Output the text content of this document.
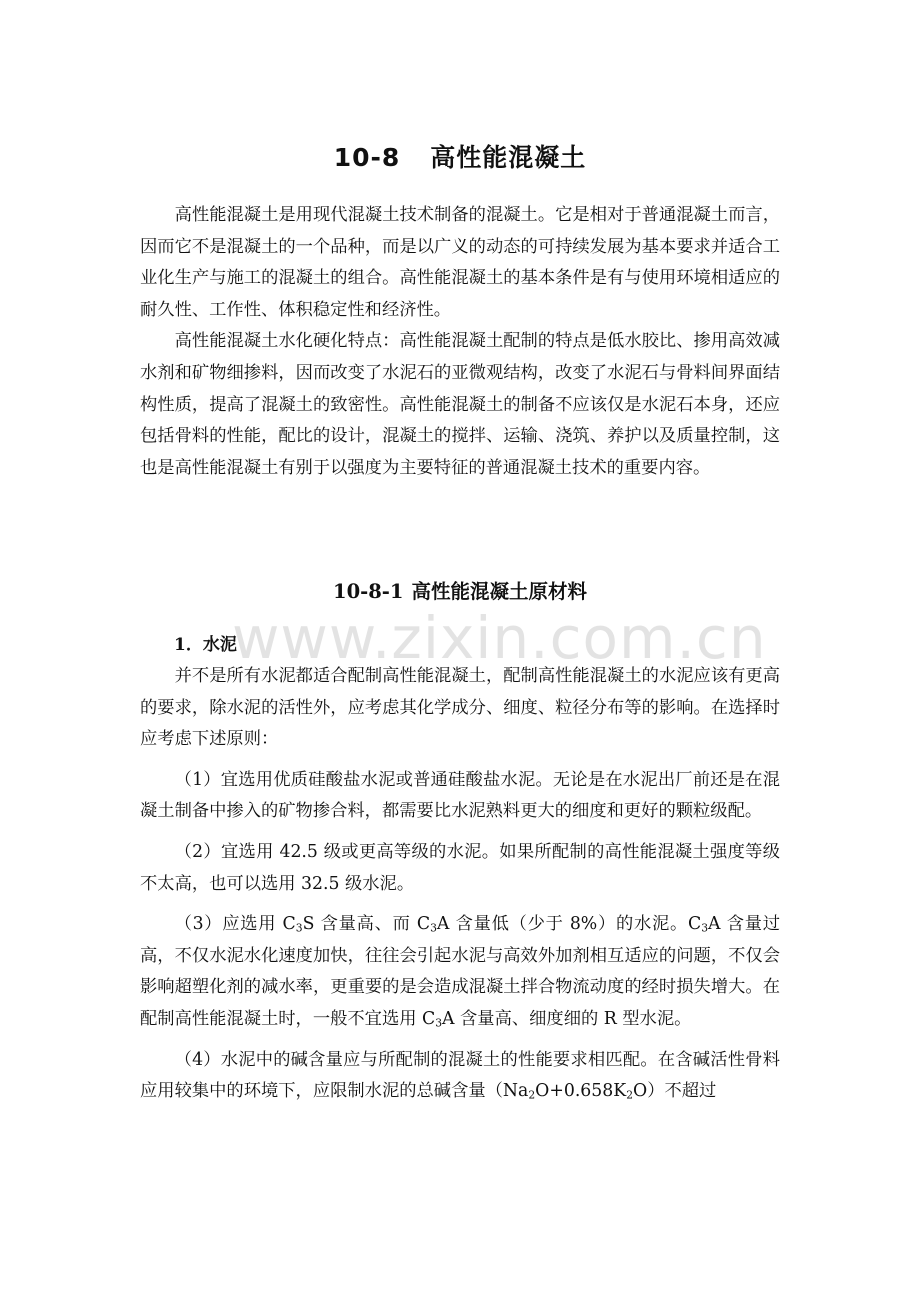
www.zixin.com.cn
10-8 高性能混凝土

高性能混凝土是用现代混凝土技术制备的混凝土。它是相对于普通混凝土而言，因而它不是混凝土的一个品种，而是以广义的动态的可持续发展为基本要求并适合工业化生产与施工的混凝土的组合。高性能混凝土的基本条件是有与使用环境相适应的耐久性、工作性、体积稳定性和经济性。

高性能混凝土水化硬化特点：高性能混凝土配制的特点是低水胶比、掺用高效减水剂和矿物细掺料，因而改变了水泥石的亚微观结构，改变了水泥石与骨料间界面结构性质，提高了混凝土的致密性。高性能混凝土的制备不应该仅是水泥石本身，还应包括骨料的性能，配比的设计，混凝土的搅拌、运输、浇筑、养护以及质量控制，这也是高性能混凝土有别于以强度为主要特征的普通混凝土技术的重要内容。

10-8-1 高性能混凝土原材料
1．水泥

并不是所有水泥都适合配制高性能混凝土，配制高性能混凝土的水泥应该有更高的要求，除水泥的活性外，应考虑其化学成分、细度、粒径分布等的影响。在选择时应考虑下述原则：

（1）宜选用优质硅酸盐水泥或普通硅酸盐水泥。无论是在水泥出厂前还是在混凝土制备中掺入的矿物掺合料，都需要比水泥熟料更大的细度和更好的颗粒级配。

（2）宜选用 42.5 级或更高等级的水泥。如果所配制的高性能混凝土强度等级不太高，也可以选用 32.5 级水泥。

（3）应选用 $C_3S$ 含量高、而 $C_3A$ 含量低（少于 8%）的水泥。$C_3A$ 含量过高，不仅水泥水化速度加快，往往会引起水泥与高效外加剂相互适应的问题，不仅会影响超塑化剂的减水率，更重要的是会造成混凝土拌合物流动度的经时损失增大。在配制高性能混凝土时，一般不宜选用 $C_3A$ 含量高、细度细的 R 型水泥。

（4）水泥中的碱含量应与所配制的混凝土的性能要求相匹配。在含碱活性骨料应用较集中的环境下，应限制水泥的总碱含量$(Na_2O+0.658K_2O)$不超过
